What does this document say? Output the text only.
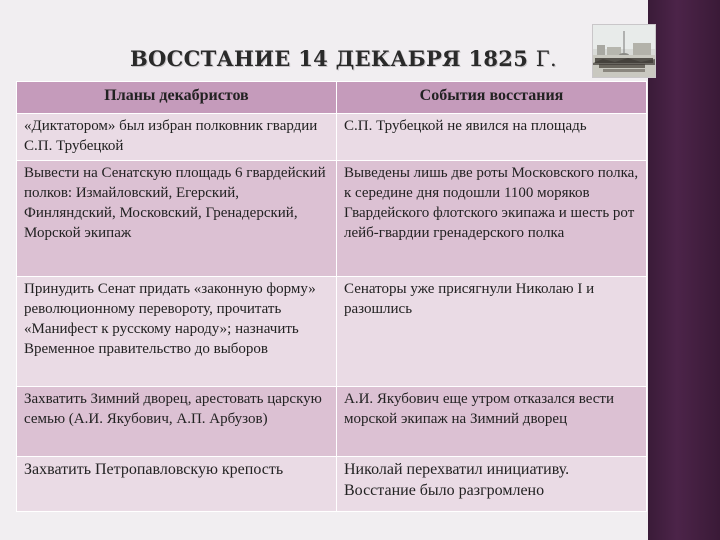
ВОССТАНИЕ 14 ДЕКАБРЯ 1825 Г.
Планы декабристов	События восстания
«Диктатором» был избран полковник гвардии С.П. Трубецкой	С.П. Трубецкой не явился на площадь
Вывести на Сенатскую площадь 6 гвардейский полков: Измайловский, Егерский, Финляндский, Московский, Гренадерский, Морской экипаж	Выведены лишь две роты Московского полка, к середине дня подошли 1100 моряков Гвардейского флотского экипажа и шесть рот лейб-гвардии гренадерского полка
Принудить Сенат придать «законную форму» революционному перевороту, прочитать «Манифест к русскому народу»; назначить Временное правительство до выборов	Сенаторы уже присягнули Николаю I и разошлись
Захватить Зимний дворец, арестовать царскую семью (А.И. Якубович, А.П. Арбузов)	А.И. Якубович еще утром отказался вести морской экипаж на Зимний дворец
Захватить Петропавловскую крепость	Николай перехватил инициативу. Восстание было разгромлено
